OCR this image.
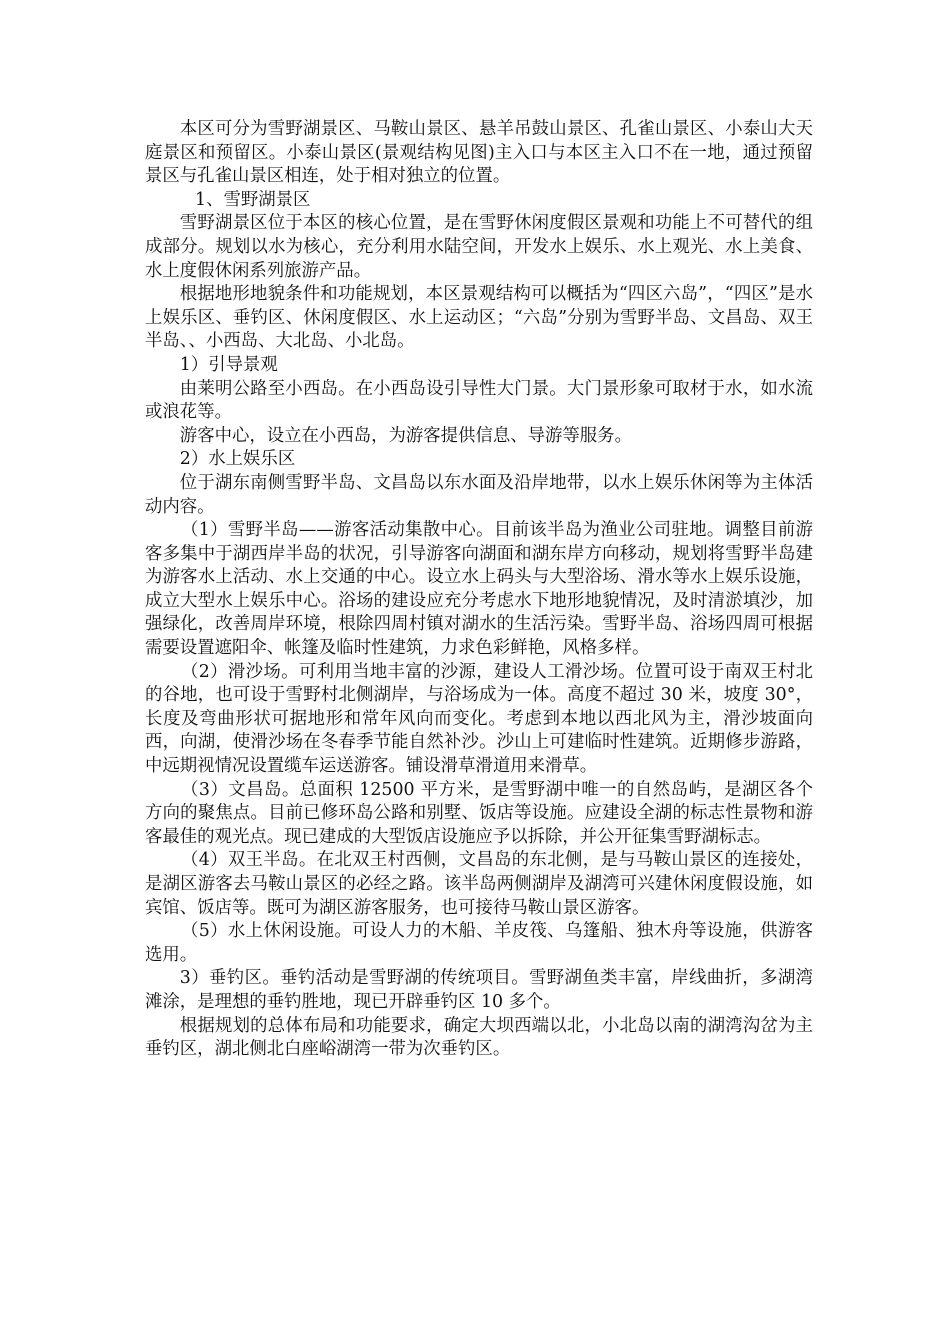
本区可分为雪野湖景区、马鞍山景区、悬羊吊鼓山景区、孔雀山景区、小泰山大天庭景区和预留区。小泰山景区(景观结构见图)主入口与本区主入口不在一地，通过预留景区与孔雀山景区相连，处于相对独立的位置。

1、雪野湖景区

雪野湖景区位于本区的核心位置，是在雪野休闲度假区景观和功能上不可替代的组成部分。规划以水为核心，充分利用水陆空间，开发水上娱乐、水上观光、水上美食、水上度假休闲系列旅游产品。

根据地形地貌条件和功能规划，本区景观结构可以概括为“四区六岛”，“四区”是水上娱乐区、垂钓区、休闲度假区、水上运动区；“六岛”分别为雪野半岛、文昌岛、双王半岛、、小西岛、大北岛、小北岛。

1）引导景观

由莱明公路至小西岛。在小西岛设引导性大门景。大门景形象可取材于水，如水流或浪花等。

游客中心，设立在小西岛，为游客提供信息、导游等服务。

2）水上娱乐区

位于湖东南侧雪野半岛、文昌岛以东水面及沿岸地带，以水上娱乐休闲等为主体活动内容。

（1）雪野半岛——游客活动集散中心。目前该半岛为渔业公司驻地。调整目前游客多集中于湖西岸半岛的状况，引导游客向湖面和湖东岸方向移动，规划将雪野半岛建为游客水上活动、水上交通的中心。设立水上码头与大型浴场、滑水等水上娱乐设施，成立大型水上娱乐中心。浴场的建设应充分考虑水下地形地貌情况，及时清淤填沙，加强绿化，改善周岸环境，根除四周村镇对湖水的生活污染。雪野半岛、浴场四周可根据需要设置遮阳伞、帐篷及临时性建筑，力求色彩鲜艳，风格多样。

（2）滑沙场。可利用当地丰富的沙源，建设人工滑沙场。位置可设于南双王村北的谷地，也可设于雪野村北侧湖岸，与浴场成为一体。高度不超过 30 米，坡度 30°，长度及弯曲形状可据地形和常年风向而变化。考虑到本地以西北风为主，滑沙坡面向西，向湖，使滑沙场在冬春季节能自然补沙。沙山上可建临时性建筑。近期修步游路，中远期视情况设置缆车运送游客。铺设滑草滑道用来滑草。

（3）文昌岛。总面积 12500 平方米，是雪野湖中唯一的自然岛屿，是湖区各个方向的聚焦点。目前已修环岛公路和别墅、饭店等设施。应建设全湖的标志性景物和游客最佳的观光点。现已建成的大型饭店设施应予以拆除，并公开征集雪野湖标志。

（4）双王半岛。在北双王村西侧，文昌岛的东北侧，是与马鞍山景区的连接处，是湖区游客去马鞍山景区的必经之路。该半岛两侧湖岸及湖湾可兴建休闲度假设施，如宾馆、饭店等。既可为湖区游客服务，也可接待马鞍山景区游客。

（5）水上休闲设施。可设人力的木船、羊皮筏、乌篷船、独木舟等设施，供游客选用。

3）垂钓区。垂钓活动是雪野湖的传统项目。雪野湖鱼类丰富，岸线曲折，多湖湾滩涂，是理想的垂钓胜地，现已开辟垂钓区 10 多个。

根据规划的总体布局和功能要求，确定大坝西端以北，小北岛以南的湖湾沟岔为主垂钓区，湖北侧北白座峪湖湾一带为次垂钓区。
